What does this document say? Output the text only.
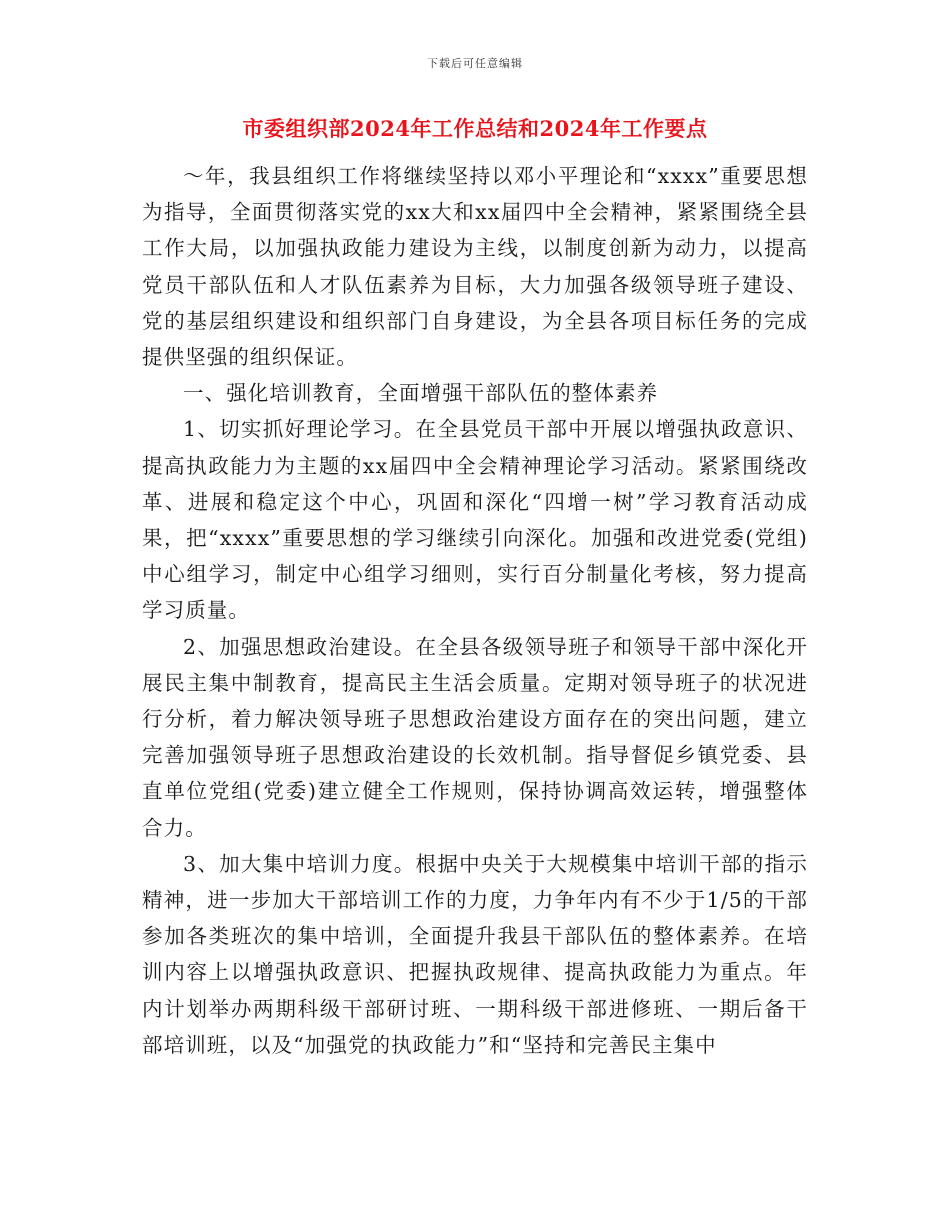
下载后可任意编辑
市委组织部2024年工作总结和2024年工作要点

～年，我县组织工作将继续坚持以邓小平理论和“xxxx”重要思想为指导，全面贯彻落实党的xx大和xx届四中全会精神，紧紧围绕全县工作大局，以加强执政能力建设为主线，以制度创新为动力，以提高党员干部队伍和人才队伍素养为目标，大力加强各级领导班子建设、党的基层组织建设和组织部门自身建设，为全县各项目标任务的完成提供坚强的组织保证。

一、强化培训教育，全面增强干部队伍的整体素养

1、切实抓好理论学习。在全县党员干部中开展以增强执政意识、提高执政能力为主题的xx届四中全会精神理论学习活动。紧紧围绕改革、进展和稳定这个中心，巩固和深化“四增一树”学习教育活动成果，把“xxxx”重要思想的学习继续引向深化。加强和改进党委(党组)中心组学习，制定中心组学习细则，实行百分制量化考核，努力提高学习质量。

2、加强思想政治建设。在全县各级领导班子和领导干部中深化开展民主集中制教育，提高民主生活会质量。定期对领导班子的状况进行分析，着力解决领导班子思想政治建设方面存在的突出问题，建立完善加强领导班子思想政治建设的长效机制。指导督促乡镇党委、县直单位党组(党委)建立健全工作规则，保持协调高效运转，增强整体合力。

3、加大集中培训力度。根据中央关于大规模集中培训干部的指示精神，进一步加大干部培训工作的力度，力争年内有不少于1/5的干部参加各类班次的集中培训，全面提升我县干部队伍的整体素养。在培训内容上以增强执政意识、把握执政规律、提高执政能力为重点。年内计划举办两期科级干部研讨班、一期科级干部进修班、一期后备干部培训班，以及“加强党的执政能力”和“坚持和完善民主集中
